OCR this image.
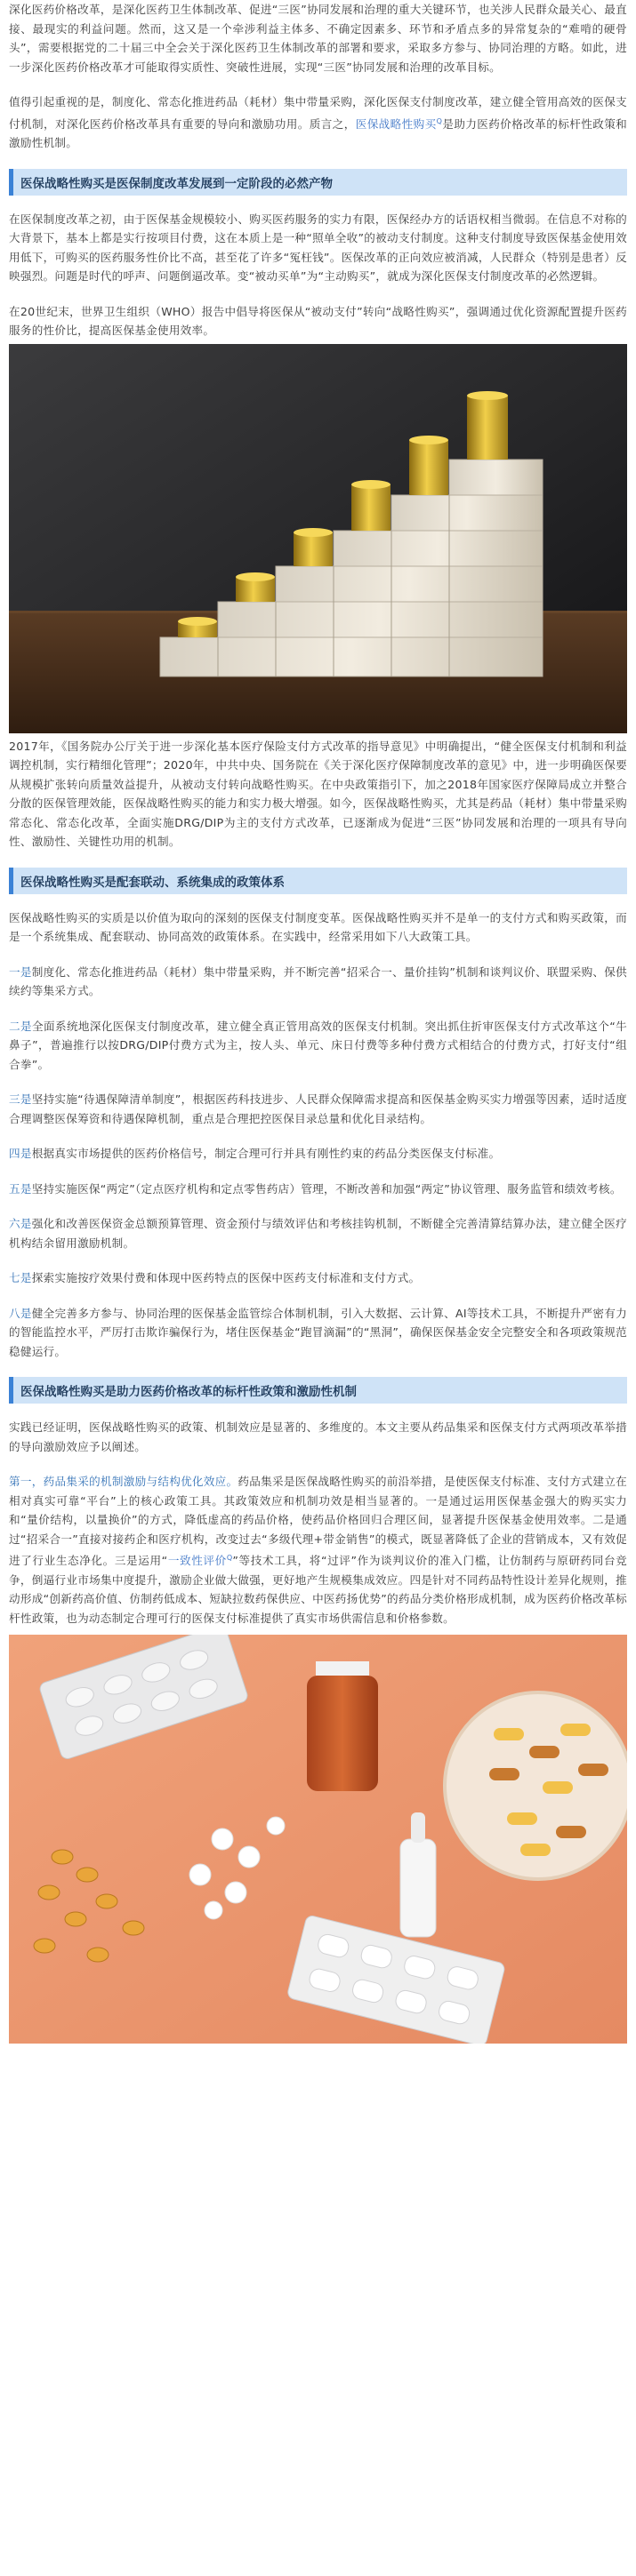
深化医药价格改革，是深化医药卫生体制改革、促进“三医”协同发展和治理的重大关键环节，也关涉人民群众最关心、最直接、最现实的利益问题。然而，这又是一个牵涉利益主体多、不确定因素多、环节和矛盾点多的异常复杂的“难啃的硬骨头”，需要根据党的二十届三中全会关于深化医药卫生体制改革的部署和要求，采取多方参与、协同治理的方略。如此，进一步深化医药价格改革才可能取得实质性、突破性进展，实现“三医”协同发展和治理的改革目标。

值得引起重视的是，制度化、常态化推进药品（耗材）集中带量采购，深化医保支付制度改革，建立健全管用高效的医保支付机制，对深化医药价格改革具有重要的导向和激励功用。质言之，医保战略性购买$^Q$是助力医药价格改革的标杆性政策和激励性机制。

医保战略性购买是医保制度改革发展到一定阶段的必然产物

在医保制度改革之初，由于医保基金规模较小、购买医药服务的实力有限，医保经办方的话语权相当微弱。在信息不对称的大背景下，基本上都是实行按项目付费，这在本质上是一种“照单全收”的被动支付制度。这种支付制度导致医保基金使用效用低下，可购买的医药服务性价比不高，甚至花了许多“冤枉钱”。医保改革的正向效应被消减，人民群众（特别是患者）反映强烈。问题是时代的呼声、问题倒逼改革。变“被动买单”为“主动购买”，就成为深化医保支付制度改革的必然逻辑。

在20世纪末，世界卫生组织（WHO）报告中倡导将医保从“被动支付”转向“战略性购买”，强调通过优化资源配置提升医药服务的性价比，提高医保基金使用效率。

2017年，《国务院办公厅关于进一步深化基本医疗保险支付方式改革的指导意见》中明确提出，“健全医保支付机制和利益调控机制，实行精细化管理”；2020年，中共中央、国务院在《关于深化医疗保障制度改革的意见》中，进一步明确医保要从规模扩张转向质量效益提升，从被动支付转向战略性购买。在中央政策指引下，加之2018年国家医疗保障局成立并整合分散的医保管理效能，医保战略性购买的能力和实力极大增强。如今，医保战略性购买，尤其是药品（耗材）集中带量采购常态化、常态化改革，全面实施DRG/DIP为主的支付方式改革，已逐渐成为促进“三医”协同发展和治理的一项具有导向性、激励性、关键性功用的机制。

医保战略性购买是配套联动、系统集成的政策体系

医保战略性购买的实质是以价值为取向的深刻的医保支付制度变革。医保战略性购买并不是单一的支付方式和购买政策，而是一个系统集成、配套联动、协同高效的政策体系。在实践中，经常采用如下八大政策工具。

一是制度化、常态化推进药品（耗材）集中带量采购，并不断完善“招采合一、量价挂钩”机制和谈判议价、联盟采购、保供续约等集采方式。

二是全面系统地深化医保支付制度改革，建立健全真正管用高效的医保支付机制。突出抓住折审医保支付方式改革这个“牛鼻子”，普遍推行以按DRG/DIP付费方式为主，按人头、单元、床日付费等多种付费方式相结合的付费方式，打好支付“组合拳”。

三是坚持实施“待遇保障清单制度”，根据医药科技进步、人民群众保障需求提高和医保基金购买实力增强等因素，适时适度合理调整医保筹资和待遇保障机制，重点是合理把控医保目录总量和优化目录结构。

四是根据真实市场提供的医药价格信号，制定合理可行并具有刚性约束的药品分类医保支付标准。

五是坚持实施医保“两定”（定点医疗机构和定点零售药店）管理，不断改善和加强“两定”协议管理、服务监管和绩效考核。

六是强化和改善医保资金总额预算管理、资金预付与绩效评估和考核挂钩机制，不断健全完善清算结算办法，建立健全医疗机构结余留用激励机制。

七是探索实施按疗效果付费和体现中医药特点的医保中医药支付标准和支付方式。

八是健全完善多方参与、协同治理的医保基金监管综合体制机制，引入大数据、云计算、AI等技术工具，不断提升严密有力的智能监控水平，严厉打击欺诈骗保行为，堵住医保基金“跑冒滴漏”的“黑洞”，确保医保基金安全完整安全和各项政策规范稳健运行。

医保战略性购买是助力医药价格改革的标杆性政策和激励性机制

实践已经证明，医保战略性购买的政策、机制效应是显著的、多维度的。本文主要从药品集采和医保支付方式两项改革举措的导向激励效应予以阐述。

第一，药品集采的机制激励与结构优化效应。药品集采是医保战略性购买的前沿举措，是使医保支付标准、支付方式建立在相对真实可靠“平台”上的核心政策工具。其政策效应和机制功效是相当显著的。一是通过运用医保基金强大的购买实力和“量价结构，以量换价”的方式，降低虚高的药品价格，使药品价格回归合理区间，显著提升医保基金使用效率。二是通过“招采合一”直接对接药企和医疗机构，改变过去“多级代理+带金销售”的模式，既显著降低了企业的营销成本，又有效促进了行业生态净化。三是运用“一致性评价$^Q$”等技术工具，将“过评”作为谈判议价的准入门槛，让仿制药与原研药同台竞争，倒逼行业市场集中度提升，激励企业做大做强，更好地产生规模集成效应。四是针对不同药品特性设计差异化规则，推动形成“创新药高价值、仿制药低成本、短缺拉数药保供应、中医药扬优势”的药品分类价格形成机制，成为医药价格改革标杆性政策，也为动态制定合理可行的医保支付标准提供了真实市场供需信息和价格参数。
